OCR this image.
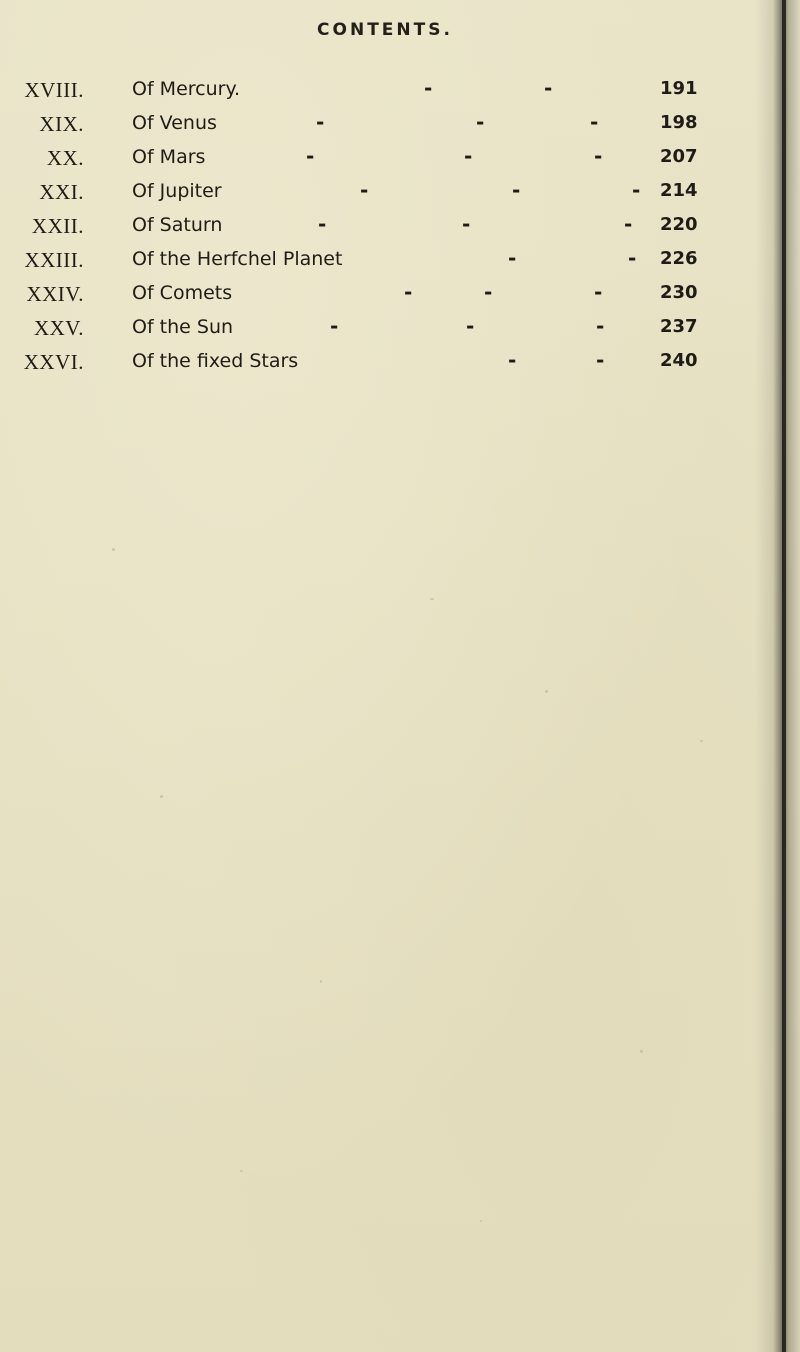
CONTENTS.
XVIII.	Of Mercury.	-	-	191
XIX.	Of Venus	-	-	-	198
XX.	Of Mars	-	-	-	207
XXI.	Of Jupiter	-	-	- 214
XXII.	Of Saturn	-	-	- 220
XXIII.	Of the Herfchel Planet	-	- 226
XXIV.	Of Comets	-	-	-	230
XXV.	Of the Sun	-	-	-	237
XXVI.	Of the fixed Stars	-	-	240
